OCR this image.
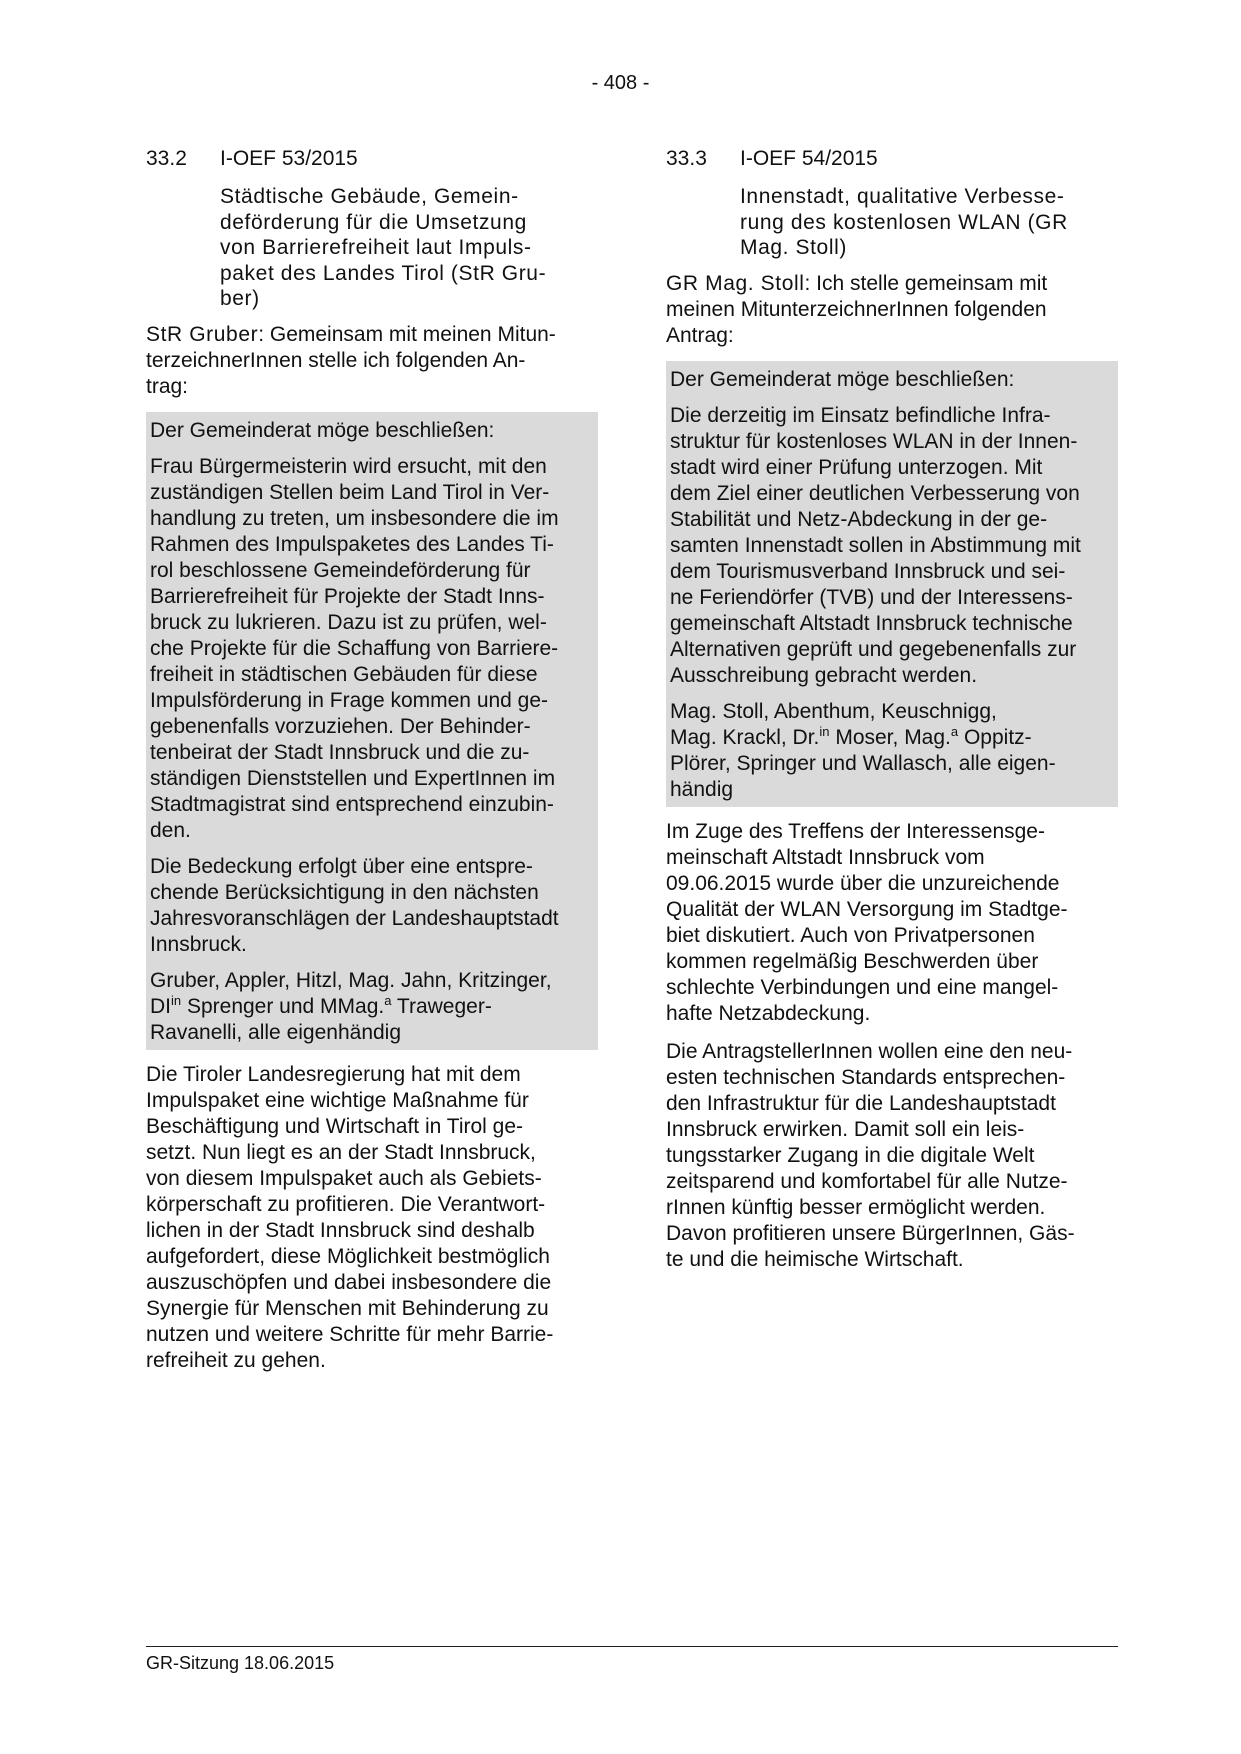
- 408 -
33.2	I-OEF 53/2015
Städtische Gebäude, Gemein-
deförderung für die Umsetzung
von Barrierefreiheit laut Impuls-
paket des Landes Tirol (StR Gru-
ber)
StR Gruber: Gemeinsam mit meinen Mitun-
terzeichnerInnen stelle ich folgenden An-
trag:
Der Gemeinderat möge beschließen:
Frau Bürgermeisterin wird ersucht, mit den
zuständigen Stellen beim Land Tirol in Ver-
handlung zu treten, um insbesondere die im
Rahmen des Impulspaketes des Landes Ti-
rol beschlossene Gemeindeförderung für
Barrierefreiheit für Projekte der Stadt Inns-
bruck zu lukrieren. Dazu ist zu prüfen, wel-
che Projekte für die Schaffung von Barriere-
freiheit in städtischen Gebäuden für diese
Impulsförderung in Frage kommen und ge-
gebenenfalls vorzuziehen. Der Behinder-
tenbeirat der Stadt Innsbruck und die zu-
ständigen Dienststellen und ExpertInnen im
Stadtmagistrat sind entsprechend einzubin-
den.
Die Bedeckung erfolgt über eine entspre-
chende Berücksichtigung in den nächsten
Jahresvoranschlägen der Landeshauptstadt
Innsbruck.
Gruber, Appler, Hitzl, Mag. Jahn, Kritzinger,
$DI^{in}$ Sprenger und MMag.$^a$ Traweger-
Ravanelli, alle eigenhändig
Die Tiroler Landesregierung hat mit dem
Impulspaket eine wichtige Maßnahme für
Beschäftigung und Wirtschaft in Tirol ge-
setzt. Nun liegt es an der Stadt Innsbruck,
von diesem Impulspaket auch als Gebiets-
körperschaft zu profitieren. Die Verantwort-
lichen in der Stadt Innsbruck sind deshalb
aufgefordert, diese Möglichkeit bestmöglich
auszuschöpfen und dabei insbesondere die
Synergie für Menschen mit Behinderung zu
nutzen und weitere Schritte für mehr Barrie-
refreiheit zu gehen.
33.3	I-OEF 54/2015
Innenstadt, qualitative Verbesse-
rung des kostenlosen WLAN (GR
Mag. Stoll)
GR Mag. Stoll: Ich stelle gemeinsam mit
meinen MitunterzeichnerInnen folgenden
Antrag:
Der Gemeinderat möge beschließen:
Die derzeitig im Einsatz befindliche Infra-
struktur für kostenloses WLAN in der Innen-
stadt wird einer Prüfung unterzogen. Mit
dem Ziel einer deutlichen Verbesserung von
Stabilität und Netz-Abdeckung in der ge-
samten Innenstadt sollen in Abstimmung mit
dem Tourismusverband Innsbruck und sei-
ne Feriendörfer (TVB) und der Interessens-
gemeinschaft Altstadt Innsbruck technische
Alternativen geprüft und gegebenenfalls zur
Ausschreibung gebracht werden.
Mag. Stoll, Abenthum, Keuschnigg,
Mag. Krackl, Dr.$^{in}$ Moser, Mag.$^a$ Oppitz-
Plörer, Springer und Wallasch, alle eigen-
händig
Im Zuge des Treffens der Interessensge-
meinschaft Altstadt Innsbruck vom
09.06.2015 wurde über die unzureichende
Qualität der WLAN Versorgung im Stadtge-
biet diskutiert. Auch von Privatpersonen
kommen regelmäßig Beschwerden über
schlechte Verbindungen und eine mangel-
hafte Netzabdeckung.
Die AntragstellerInnen wollen eine den neu-
esten technischen Standards entsprechen-
den Infrastruktur für die Landeshauptstadt
Innsbruck erwirken. Damit soll ein leis-
tungsstarker Zugang in die digitale Welt
zeitsparend und komfortabel für alle Nutze-
rInnen künftig besser ermöglicht werden.
Davon profitieren unsere BürgerInnen, Gäs-
te und die heimische Wirtschaft.
GR-Sitzung 18.06.2015
